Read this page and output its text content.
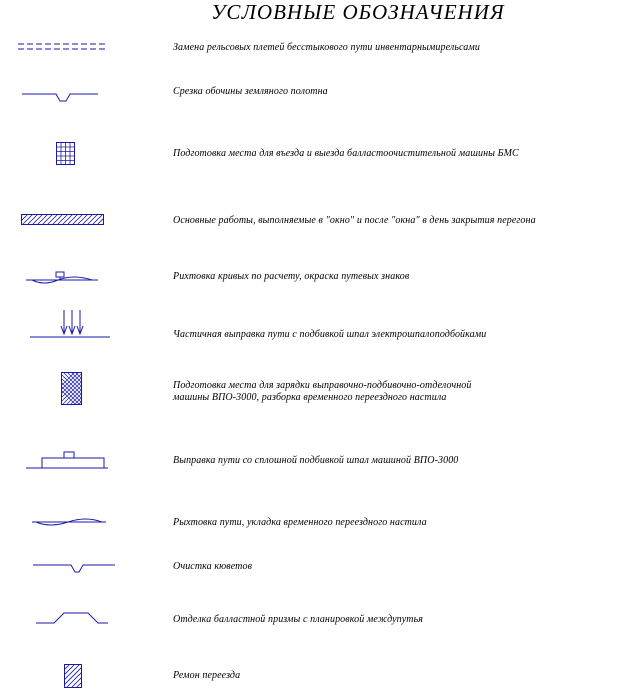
УСЛОВНЫЕ ОБОЗНАЧЕНИЯ
Замена рельсовых плетей бесстыкового пути инвентарнымирельсами
Срезка обочины земляного полотна
Подготовка места для въезда и выезда балластоочистительной машины БМС
Основные работы, выполняемые в "окно" и после "окна" в день закрытия перегона
Рихтовка кривых по расчету, окраска путевых знаков
Частичная выправка пути с подбивкой шпал электрошпалоподбойками
Подготовка места для зарядки выправочно-подбивочно-отделочной
машины ВПО-3000, разборка временного переездного настила
Выправка пути со сплошной подбивкой шпал машиной ВПО-3000
Рыхтовка пути, укладка временного переездного настила
Очистка кюветов
Отделка балластной призмы с планировкой междупутья
Ремон переезда
